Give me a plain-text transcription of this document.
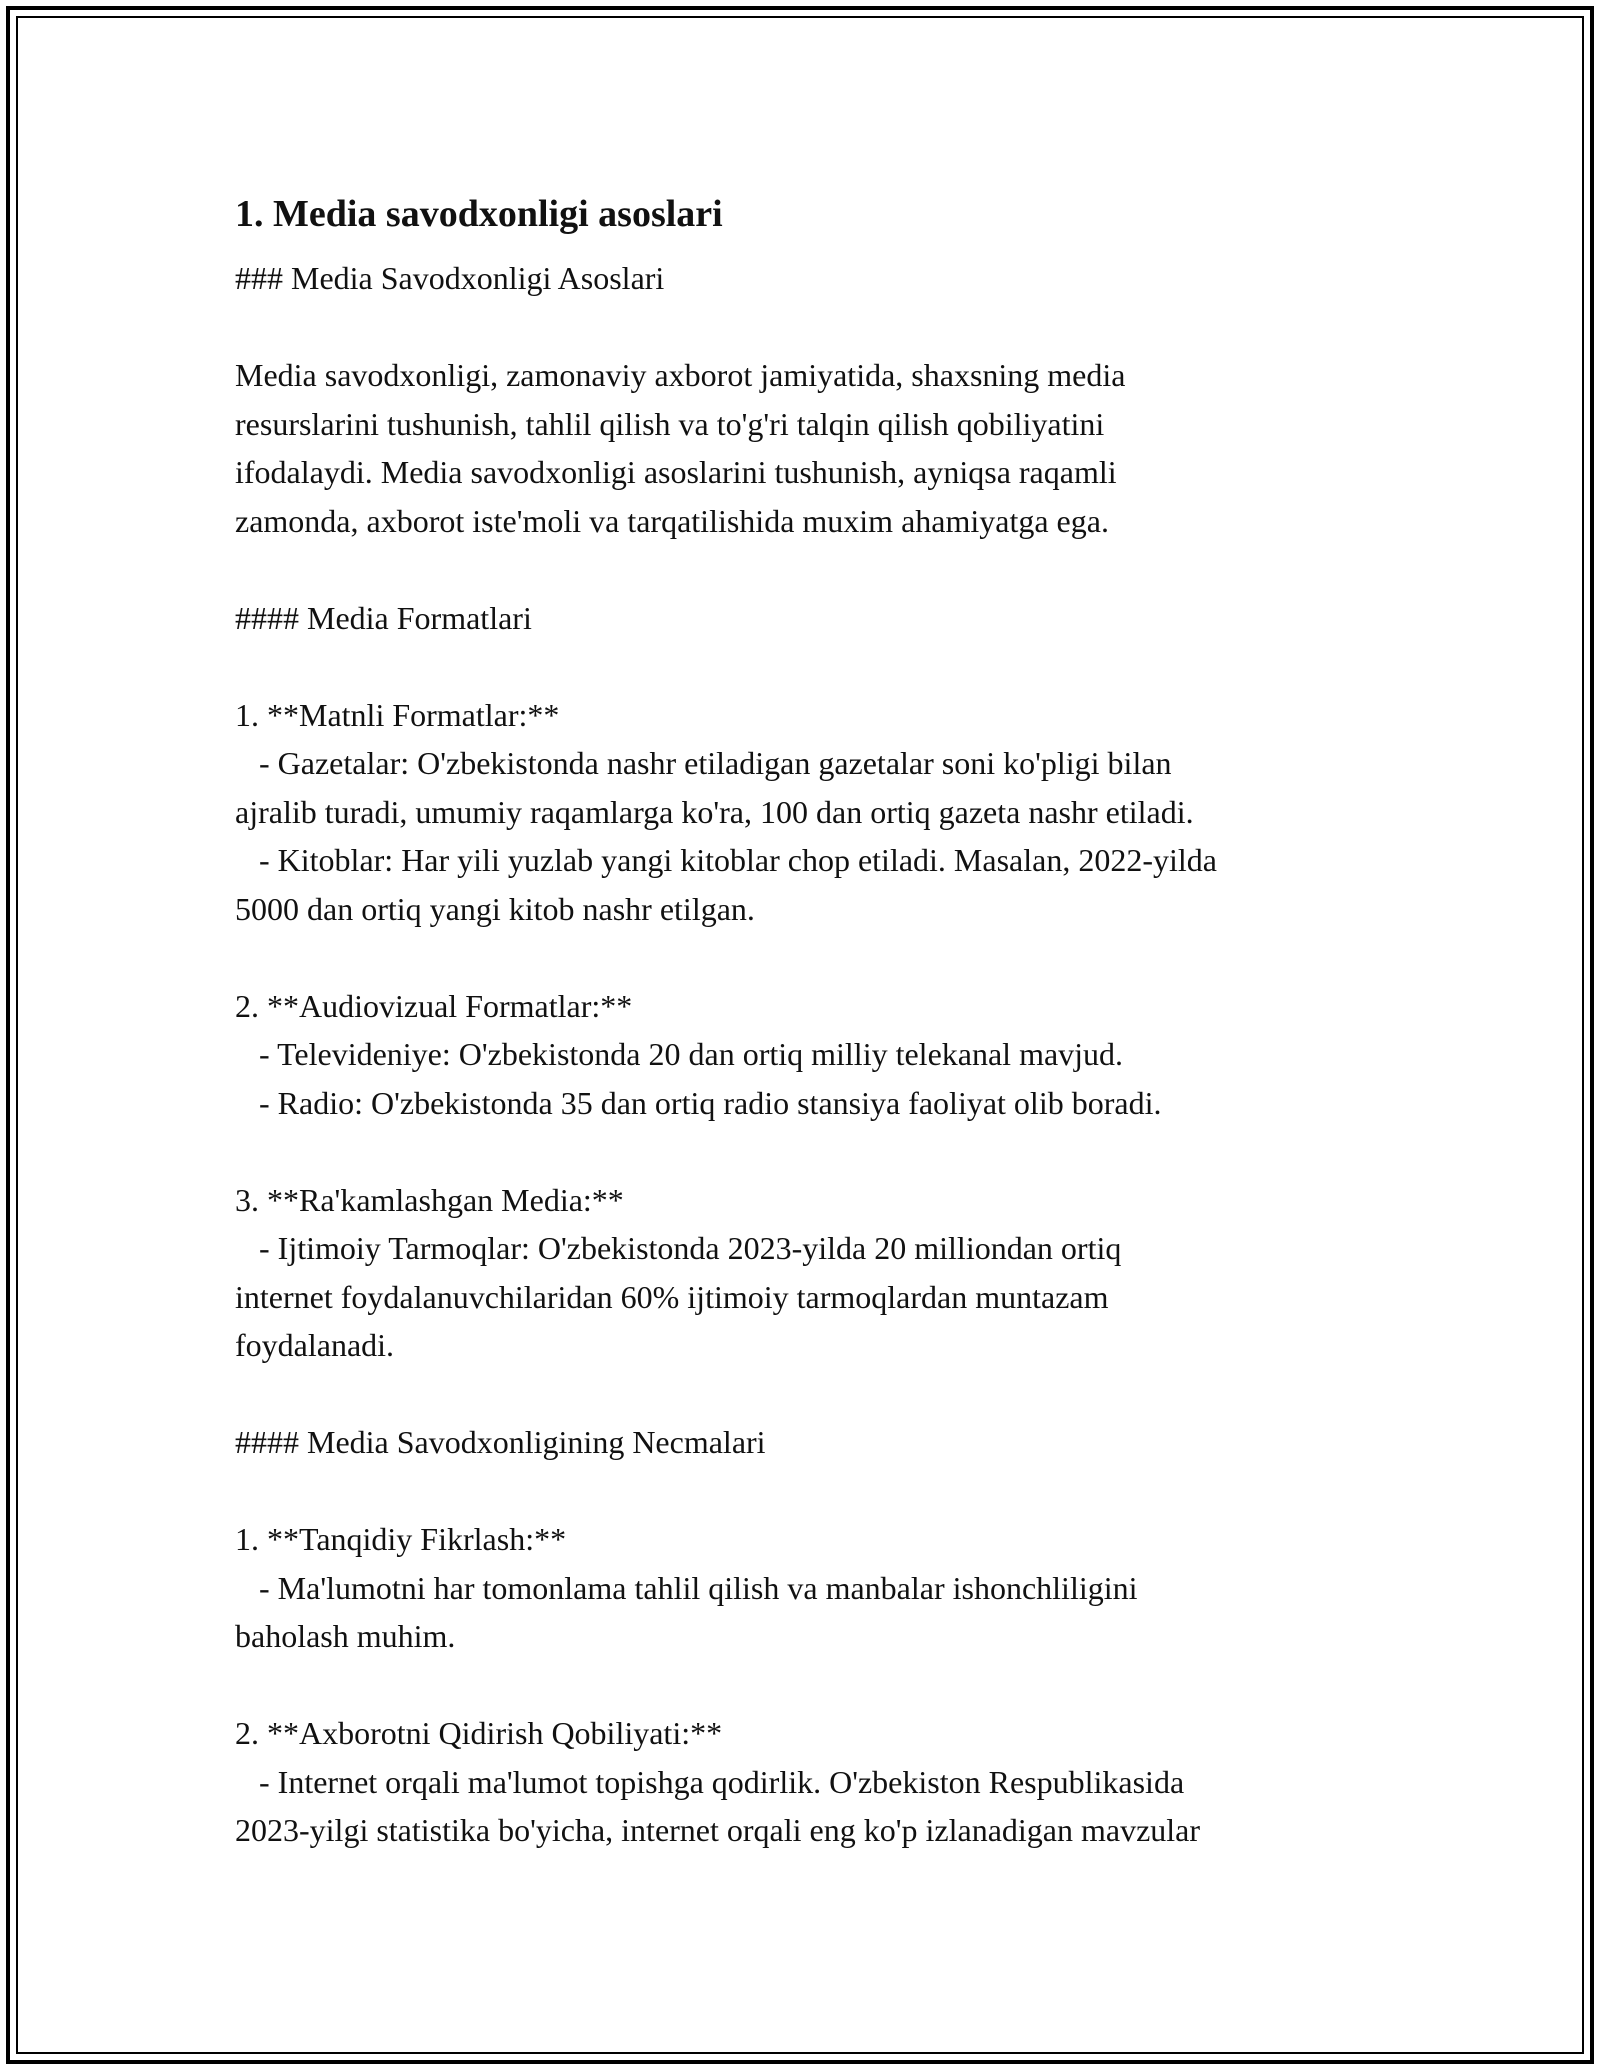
1. Media savodxonligi asoslari
### Media Savodxonligi Asoslari
Media savodxonligi, zamonaviy axborot jamiyatida, shaxsning media
resurslarini tushunish, tahlil qilish va to'g'ri talqin qilish qobiliyatini
ifodalaydi. Media savodxonligi asoslarini tushunish, ayniqsa raqamli
zamonda, axborot iste'moli va tarqatilishida muxim ahamiyatga ega.
#### Media Formatlari
1. **Matnli Formatlar:**
- Gazetalar: O'zbekistonda nashr etiladigan gazetalar soni ko'pligi bilan
ajralib turadi, umumiy raqamlarga ko'ra, 100 dan ortiq gazeta nashr etiladi.
- Kitoblar: Har yili yuzlab yangi kitoblar chop etiladi. Masalan, 2022-yilda
5000 dan ortiq yangi kitob nashr etilgan.
2. **Audiovizual Formatlar:**
- Televideniye: O'zbekistonda 20 dan ortiq milliy telekanal mavjud.
- Radio: O'zbekistonda 35 dan ortiq radio stansiya faoliyat olib boradi.
3. **Ra'kamlashgan Media:**
- Ijtimoiy Tarmoqlar: O'zbekistonda 2023-yilda 20 milliondan ortiq
internet foydalanuvchilaridan 60% ijtimoiy tarmoqlardan muntazam
foydalanadi.
#### Media Savodxonligining Necmalari
1. **Tanqidiy Fikrlash:**
- Ma'lumotni har tomonlama tahlil qilish va manbalar ishonchliligini
baholash muhim.
2. **Axborotni Qidirish Qobiliyati:**
- Internet orqali ma'lumot topishga qodirlik. O'zbekiston Respublikasida
2023-yilgi statistika bo'yicha, internet orqali eng ko'p izlanadigan mavzular
